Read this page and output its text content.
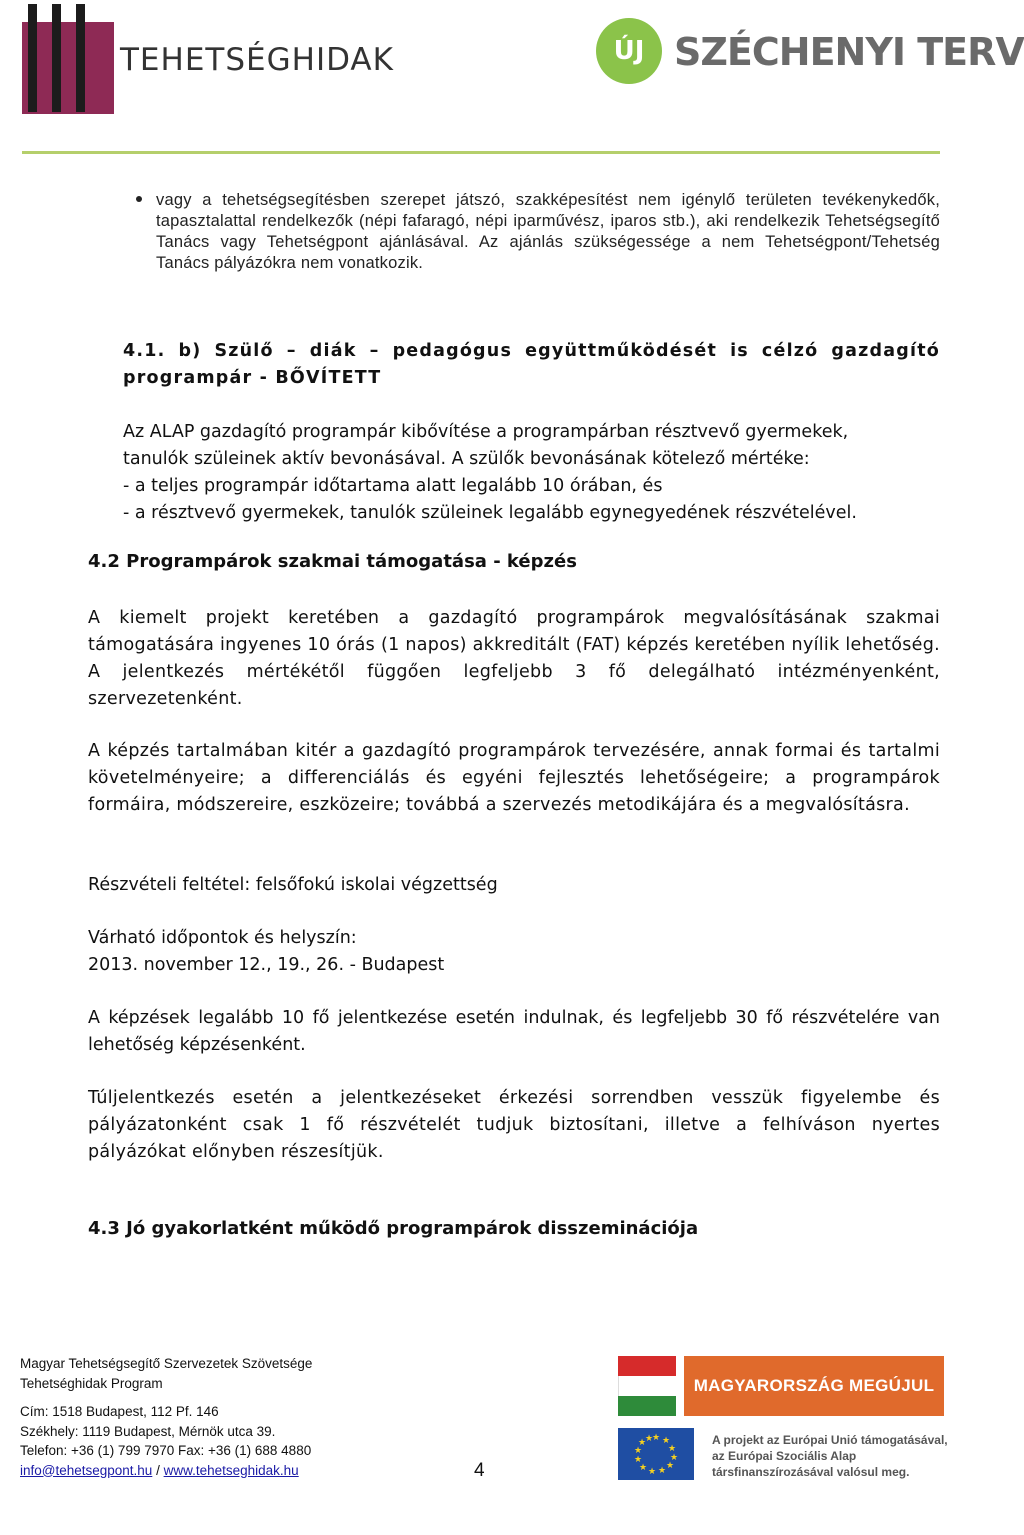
TEHETSÉGHIDAK	ÚJ SZÉCHENYI TERV
vagy a tehetségsegítésben szerepet játszó, szakképesítést nem igénylő területen tevékenykedők, tapasztalattal rendelkezők (népi fafaragó, népi iparművész, iparos stb.), aki rendelkezik Tehetségsegítő Tanács vagy Tehetségpont ajánlásával. Az ajánlás szükségessége a nem Tehetségpont/Tehetség Tanács pályázókra nem vonatkozik.
4.1. b) Szülő – diák – pedagógus együttműködését is célzó gazdagító
programpár - BŐVÍTETT
Az ALAP gazdagító programpár kibővítése a programpárban résztvevő gyermekek,
tanulók szüleinek aktív bevonásával. A szülők bevonásának kötelező mértéke:
- a teljes programpár időtartama alatt legalább 10 órában, és
- a résztvevő gyermekek, tanulók szüleinek legalább egynegyedének részvételével.
4.2 Programpárok szakmai támogatása - képzés
A kiemelt projekt keretében a gazdagító programpárok megvalósításának szakmai támogatására ingyenes 10 órás (1 napos) akkreditált (FAT) képzés keretében nyílik lehetőség. A jelentkezés mértékétől függően legfeljebb 3 fő delegálható intézményenként, szervezetenként.
A képzés tartalmában kitér a gazdagító programpárok tervezésére, annak formai és tartalmi követelményeire; a differenciálás és egyéni fejlesztés lehetőségeire; a programpárok formáira, módszereire, eszközeire; továbbá a szervezés metodikájára és a megvalósításra.
Részvételi feltétel: felsőfokú iskolai végzettség
Várható időpontok és helyszín:
2013. november 12., 19., 26. - Budapest
A képzések legalább 10 fő jelentkezése esetén indulnak, és legfeljebb 30 fő részvételére van lehetőség képzésenként.
Túljelentkezés esetén a jelentkezéseket érkezési sorrendben vesszük figyelembe és pályázatonként csak 1 fő részvételét tudjuk biztosítani, illetve a felhíváson nyertes pályázókat előnyben részesítjük.
4.3 Jó gyakorlatként működő programpárok disszeminációja
Magyar Tehetségsegítő Szervezetek Szövetsége
Tehetséghidak Program
Cím: 1518 Budapest, 112 Pf. 146
Székhely: 1119 Budapest, Mérnök utca 39.
Telefon: +36 (1) 799 7970 Fax: +36 (1) 688 4880
info@tehetsegpont.hu / www.tehetseghidak.hu	4
MAGYARORSZÁG MEGÚJUL
★ ★
★
★
★
★
★
★
★
★
★
★	A projekt az Európai Unió támogatásával,
az Európai Szociális Alap
társfinanszírozásával valósul meg.
